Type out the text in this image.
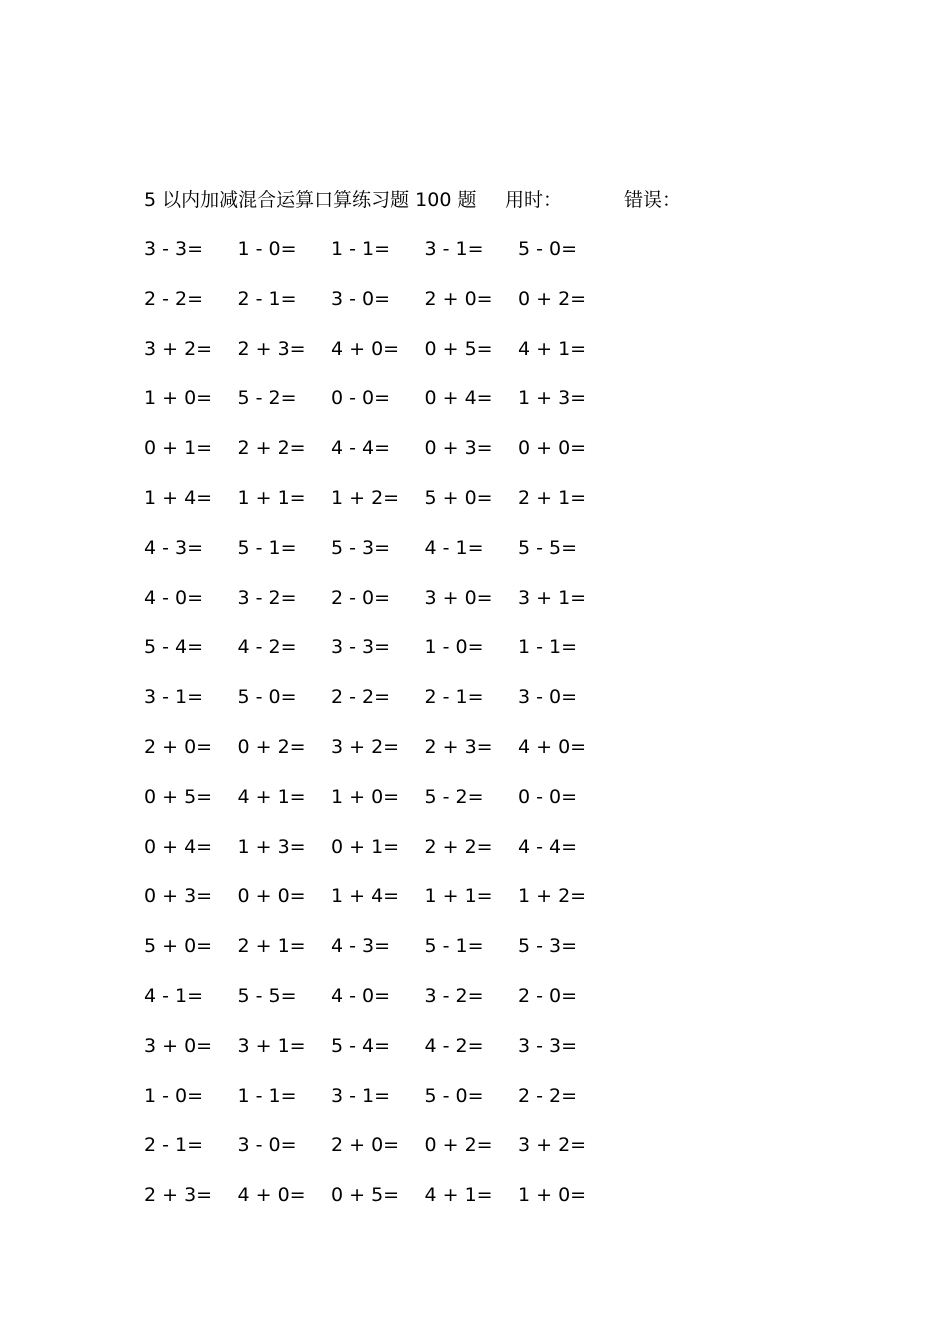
5 以内加减混合运算口算练习题 100 题 用时：	错误：
3 - 3= 1 - 0= 1 - 1= 3 - 1= 5 - 0=
2 - 2= 2 - 1= 3 - 0= 2 + 0= 0 + 2=
3 + 2= 2 + 3= 4 + 0= 0 + 5= 4 + 1=
1 + 0= 5 - 2= 0 - 0= 0 + 4= 1 + 3=
0 + 1= 2 + 2= 4 - 4= 0 + 3= 0 + 0=
1 + 4= 1 + 1= 1 + 2= 5 + 0= 2 + 1=
4 - 3= 5 - 1= 5 - 3= 4 - 1= 5 - 5=
4 - 0= 3 - 2= 2 - 0= 3 + 0= 3 + 1=
5 - 4= 4 - 2= 3 - 3= 1 - 0= 1 - 1=
3 - 1= 5 - 0= 2 - 2= 2 - 1= 3 - 0=
2 + 0= 0 + 2= 3 + 2= 2 + 3= 4 + 0=
0 + 5= 4 + 1= 1 + 0= 5 - 2= 0 - 0=
0 + 4= 1 + 3= 0 + 1= 2 + 2= 4 - 4=
0 + 3= 0 + 0= 1 + 4= 1 + 1= 1 + 2=
5 + 0= 2 + 1= 4 - 3= 5 - 1= 5 - 3=
4 - 1= 5 - 5= 4 - 0= 3 - 2= 2 - 0=
3 + 0= 3 + 1= 5 - 4= 4 - 2= 3 - 3=
1 - 0= 1 - 1= 3 - 1= 5 - 0= 2 - 2=
2 - 1= 3 - 0= 2 + 0= 0 + 2= 3 + 2=
2 + 3= 4 + 0= 0 + 5= 4 + 1= 1 + 0=
